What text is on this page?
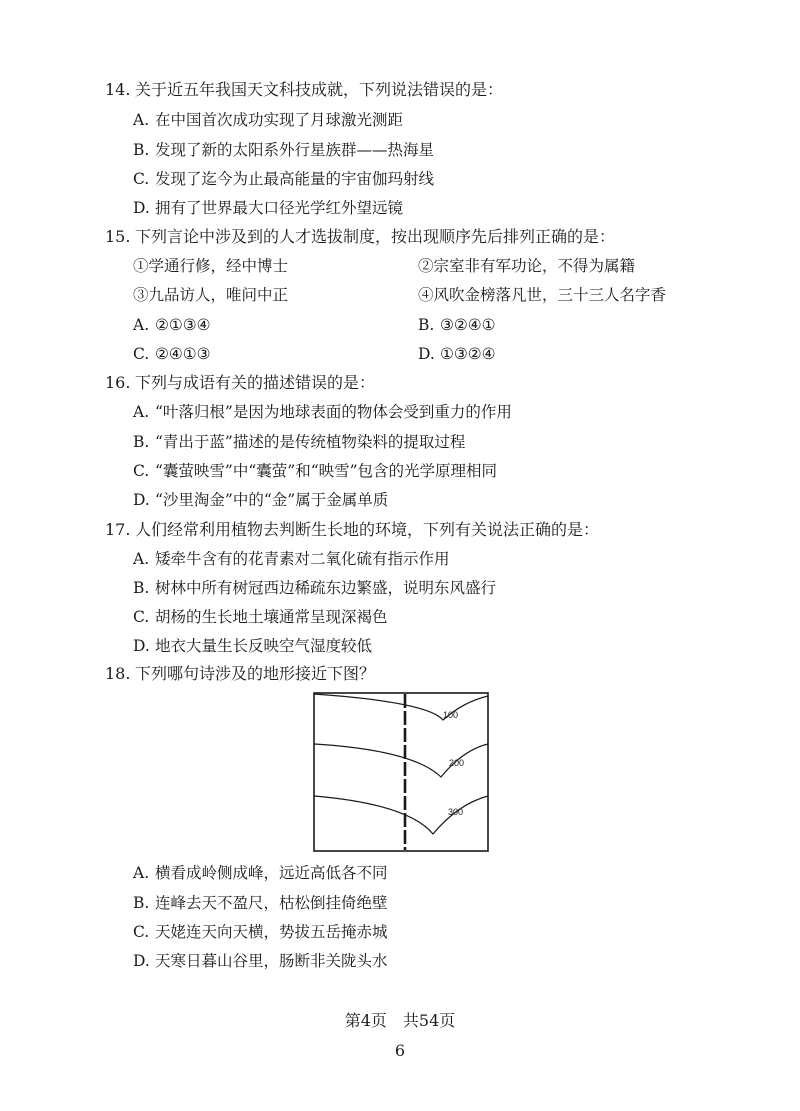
14. 关于近五年我国天文科技成就，下列说法错误的是：
A. 在中国首次成功实现了月球激光测距
B. 发现了新的太阳系外行星族群——热海星
C. 发现了迄今为止最高能量的宇宙伽玛射线
D. 拥有了世界最大口径光学红外望远镜
15. 下列言论中涉及到的人才选拔制度，按出现顺序先后排列正确的是：
①学通行修，经中博士	②宗室非有军功论，不得为属籍
③九品访人，唯问中正	④风吹金榜落凡世，三十三人名字香
A. ②①③④	B. ③②④①
C. ②④①③	D. ①③②④
16. 下列与成语有关的描述错误的是：
A. “叶落归根”是因为地球表面的物体会受到重力的作用
B. “青出于蓝”描述的是传统植物染料的提取过程
C. “囊萤映雪”中“囊萤”和“映雪”包含的光学原理相同
D. “沙里淘金”中的“金”属于金属单质
17. 人们经常利用植物去判断生长地的环境，下列有关说法正确的是：
A. 矮牵牛含有的花青素对二氧化硫有指示作用
B. 树林中所有树冠西边稀疏东边繁盛，说明东风盛行
C. 胡杨的生长地土壤通常呈现深褐色
D. 地衣大量生长反映空气湿度较低
18. 下列哪句诗涉及的地形接近下图？
100
200
300
A. 横看成岭侧成峰，远近高低各不同
B. 连峰去天不盈尺，枯松倒挂倚绝壁
C. 天姥连天向天横，势拔五岳掩赤城
D. 天寒日暮山谷里，肠断非关陇头水
第4页　共54页
6
